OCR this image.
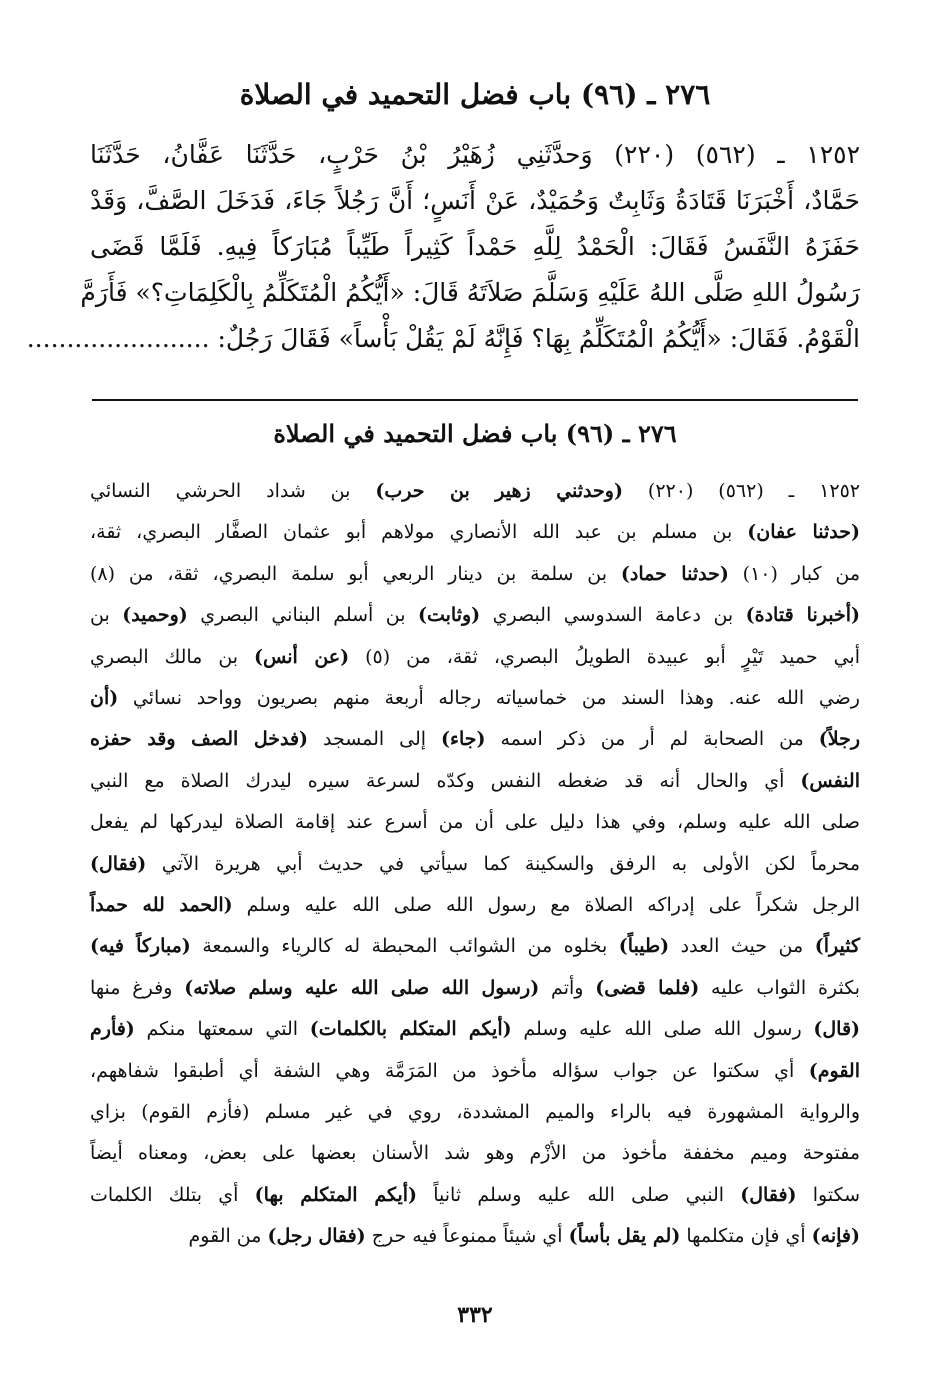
٢٧٦ ـ (٩٦) باب فضل التحميد في الصلاة
١٢٥٢ ـ (٥٦٢) (٢٢٠) وَحدَّثَنِي زُهَيْرُ بْنُ حَرْبٍ، حَدَّثَنَا عَفَّانُ، حَدَّثَنَا
حَمَّادٌ، أَخْبَرَنَا قَتَادَةُ وَثَابِتٌ وَحُمَيْدٌ، عَنْ أَنَسٍ؛ أَنَّ رَجُلاً جَاءَ، فَدَخَلَ الصَّفَّ، وَقَدْ
حَفَزَهُ النَّفَسُ فَقَالَ: الْحَمْدُ لِلَّهِ حَمْداً كَثِيراً طَيِّباً مُبَارَكاً فِيهِ. فَلَمَّا قَضَى
رَسُولُ اللهِ صَلَّى اللهُ عَلَيْهِ وَسَلَّمَ صَلاَتَهُ قَالَ: «أَيُّكُمُ الْمُتَكَلِّمُ بِالْكَلِمَاتِ؟» فَأَرَمَّ
الْقَوْمُ. فَقَالَ: «أَيُّكُمُ الْمُتَكَلِّمُ بِهَا؟ فَإِنَّهُ لَمْ يَقُلْ بَأْساً» فَقَالَ رَجُلٌ: .......................
٢٧٦ ـ (٩٦) باب فضل التحميد في الصلاة
١٢٥٢ ـ (٥٦٢) (٢٢٠) (وحدثني زهير بن حرب) بن شداد الحرشي النسائي
(حدثنا عفان) بن مسلم بن عبد الله الأنصاري مولاهم أبو عثمان الصفَّار البصري، ثقة،
من كبار (١٠) (حدثنا حماد) بن سلمة بن دينار الربعي أبو سلمة البصري، ثقة، من (٨)
(أخبرنا قتادة) بن دعامة السدوسي البصري (وثابت) بن أسلم البناني البصري (وحميد) بن
أبي حميد تَيْرٍ أبو عبيدة الطويلُ البصري، ثقة، من (٥) (عن أنس) بن مالك البصري
رضي الله عنه. وهذا السند من خماسياته رجاله أربعة منهم بصريون وواحد نسائي (أن
رجلاً) من الصحابة لم أر من ذكر اسمه (جاء) إلى المسجد (فدخل الصف وقد حفزه
النفس) أي والحال أنه قد ضغطه النفس وكدّه لسرعة سيره ليدرك الصلاة مع النبي
صلى الله عليه وسلم، وفي هذا دليل على أن من أسرع عند إقامة الصلاة ليدركها لم يفعل
محرماً لكن الأولى به الرفق والسكينة كما سيأتي في حديث أبي هريرة الآتي (فقال)
الرجل شكراً على إدراكه الصلاة مع رسول الله صلى الله عليه وسلم (الحمد لله حمداً
كثيراً) من حيث العدد (طيباً) بخلوه من الشوائب المحبطة له كالرياء والسمعة (مباركاً فيه)
بكثرة الثواب عليه (فلما قضى) وأتم (رسول الله صلى الله عليه وسلم صلاته) وفرغ منها
(قال) رسول الله صلى الله عليه وسلم (أيكم المتكلم بالكلمات) التي سمعتها منكم (فأرم
القوم) أي سكتوا عن جواب سؤاله مأخوذ من المَرَمَّة وهي الشفة أي أطبقوا شفاههم،
والرواية المشهورة فيه بالراء والميم المشددة، روي في غير مسلم (فأزم القوم) بزاي
مفتوحة وميم مخففة مأخوذ من الأزْم وهو شد الأسنان بعضها على بعض، ومعناه أيضاً
سكتوا (فقال) النبي صلى الله عليه وسلم ثانياً (أيكم المتكلم بها) أي بتلك الكلمات
(فإنه) أي فإن متكلمها (لم يقل بأساً) أي شيئاً ممنوعاً فيه حرج (فقال رجل) من القوم
٣٣٢
